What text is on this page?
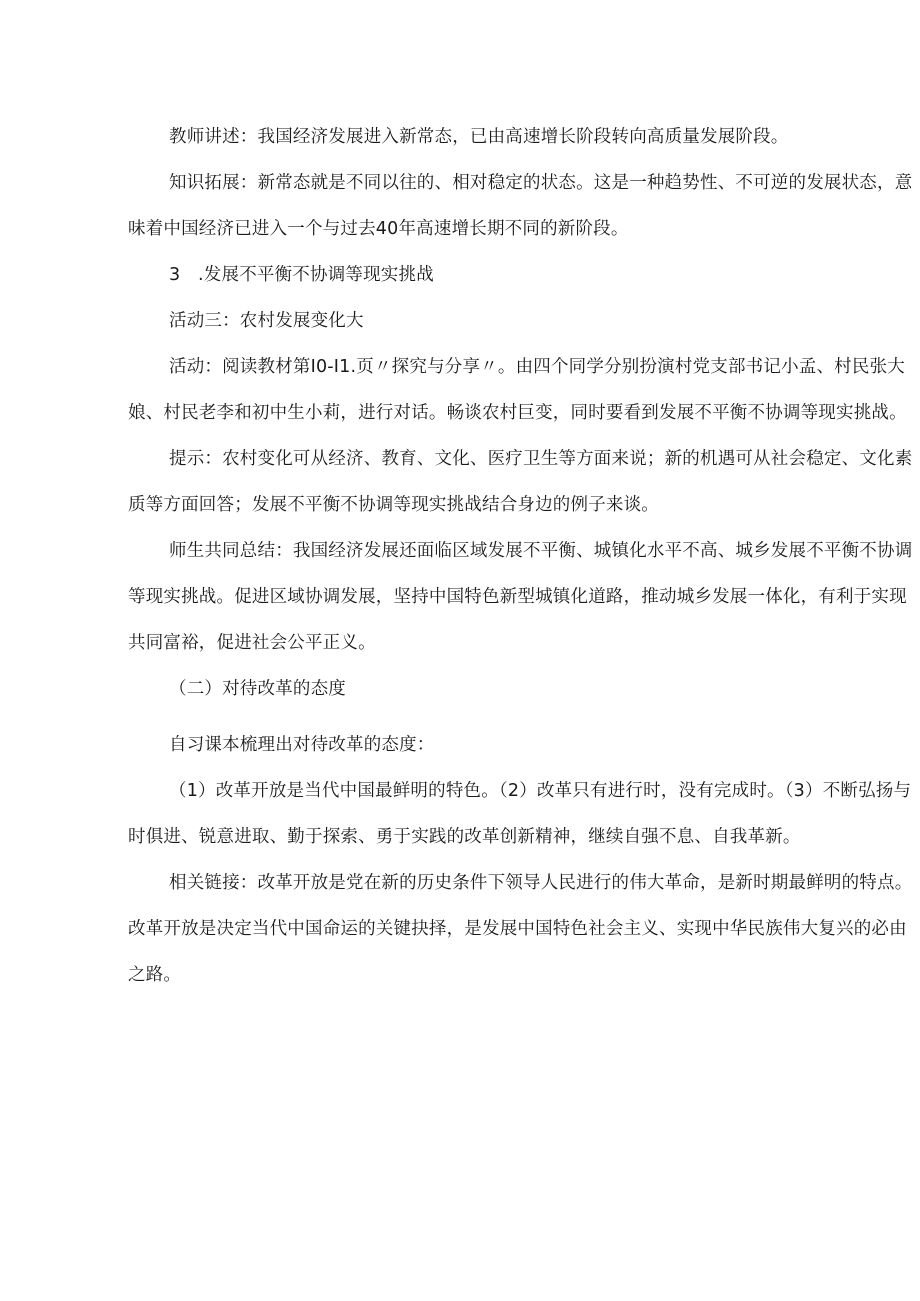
教师讲述：我国经济发展进入新常态，已由高速增长阶段转向高质量发展阶段。

知识拓展：新常态就是不同以往的、相对稳定的状态。这是一种趋势性、不可逆的发展状态，意味着中国经济已进入一个与过去40年高速增长期不同的新阶段。

3　.发展不平衡不协调等现实挑战

活动三：农村发展变化大

活动：阅读教材第I0-I1.页〃探究与分享〃。由四个同学分别扮演村党支部书记小孟、村民张大娘、村民老李和初中生小莉，进行对话。畅谈农村巨变，同时要看到发展不平衡不协调等现实挑战。

提示：农村变化可从经济、教育、文化、医疗卫生等方面来说；新的机遇可从社会稳定、文化素质等方面回答；发展不平衡不协调等现实挑战结合身边的例子来谈。

师生共同总结：我国经济发展还面临区域发展不平衡、城镇化水平不高、城乡发展不平衡不协调等现实挑战。促进区域协调发展，坚持中国特色新型城镇化道路，推动城乡发展一体化，有利于实现共同富裕，促进社会公平正义。

（二）对待改革的态度

自习课本梳理出对待改革的态度：

（1）改革开放是当代中国最鲜明的特色。（2）改革只有进行时，没有完成时。（3）不断弘扬与时俱进、锐意进取、勤于探索、勇于实践的改革创新精神，继续自强不息、自我革新。

相关链接：改革开放是党在新的历史条件下领导人民进行的伟大革命，是新时期最鲜明的特点。改革开放是决定当代中国命运的关键抉择，是发展中国特色社会主义、实现中华民族伟大复兴的必由之路。
